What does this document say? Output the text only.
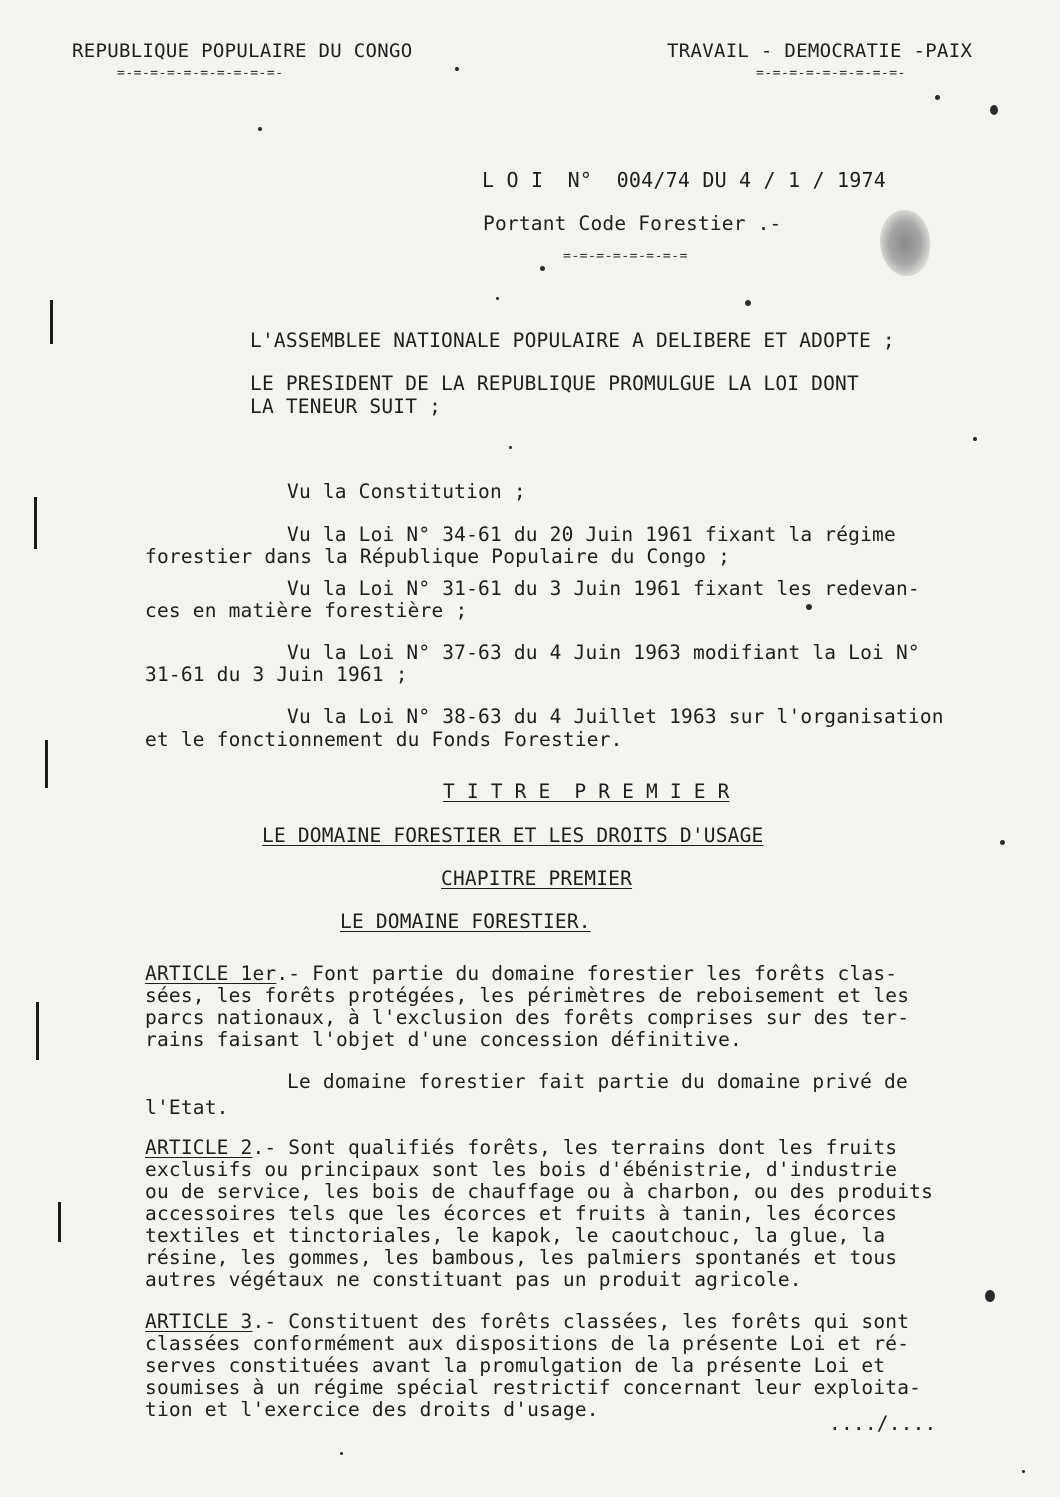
REPUBLIQUE POPULAIRE DU CONGO
=-=-=-=-=-=-=-=-=-=-
TRAVAIL - DEMOCRATIE -PAIX
=-=-=-=-=-=-=-=-=-
L O I  N°  004/74 DU 4 / 1 / 1974
Portant Code Forestier .-
=-=-=-=-=-=-=-=
L'ASSEMBLEE NATIONALE POPULAIRE A DELIBERE ET ADOPTE ;
LE PRESIDENT DE LA REPUBLIQUE PROMULGUE LA LOI DONT
LA TENEUR SUIT ;
Vu la Constitution ;
Vu la Loi N° 34-61 du 20 Juin 1961 fixant la régime
forestier dans la République Populaire du Congo ;
Vu la Loi N° 31-61 du 3 Juin 1961 fixant les redevan-
ces en matière forestière ;
Vu la Loi N° 37-63 du 4 Juin 1963 modifiant la Loi N°
31-61 du 3 Juin 1961 ;
Vu la Loi N° 38-63 du 4 Juillet 1963 sur l'organisation
et le fonctionnement du Fonds Forestier.
T I T R E  P R E M I E R
LE DOMAINE FORESTIER ET LES DROITS D'USAGE
CHAPITRE PREMIER
LE DOMAINE FORESTIER.
ARTICLE 1er.- Font partie du domaine forestier les forêts clas-
sées, les forêts protégées, les périmètres de reboisement et les
parcs nationaux, à l'exclusion des forêts comprises sur des ter-
rains faisant l'objet d'une concession définitive.
Le domaine forestier fait partie du domaine privé de
l'Etat.
ARTICLE 2.- Sont qualifiés forêts, les terrains dont les fruits
exclusifs ou principaux sont les bois d'ébénistrie, d'industrie
ou de service, les bois de chauffage ou à charbon, ou des produits
accessoires tels que les écorces et fruits à tanin, les écorces
textiles et tinctoriales, le kapok, le caoutchouc, la glue, la
résine, les gommes, les bambous, les palmiers spontanés et tous
autres végétaux ne constituant pas un produit agricole.
ARTICLE 3.- Constituent des forêts classées, les forêts qui sont
classées conformément aux dispositions de la présente Loi et ré-
serves constituées avant la promulgation de la présente Loi et
soumises à un régime spécial restrictif concernant leur exploita-
tion et l'exercice des droits d'usage.
..../....
